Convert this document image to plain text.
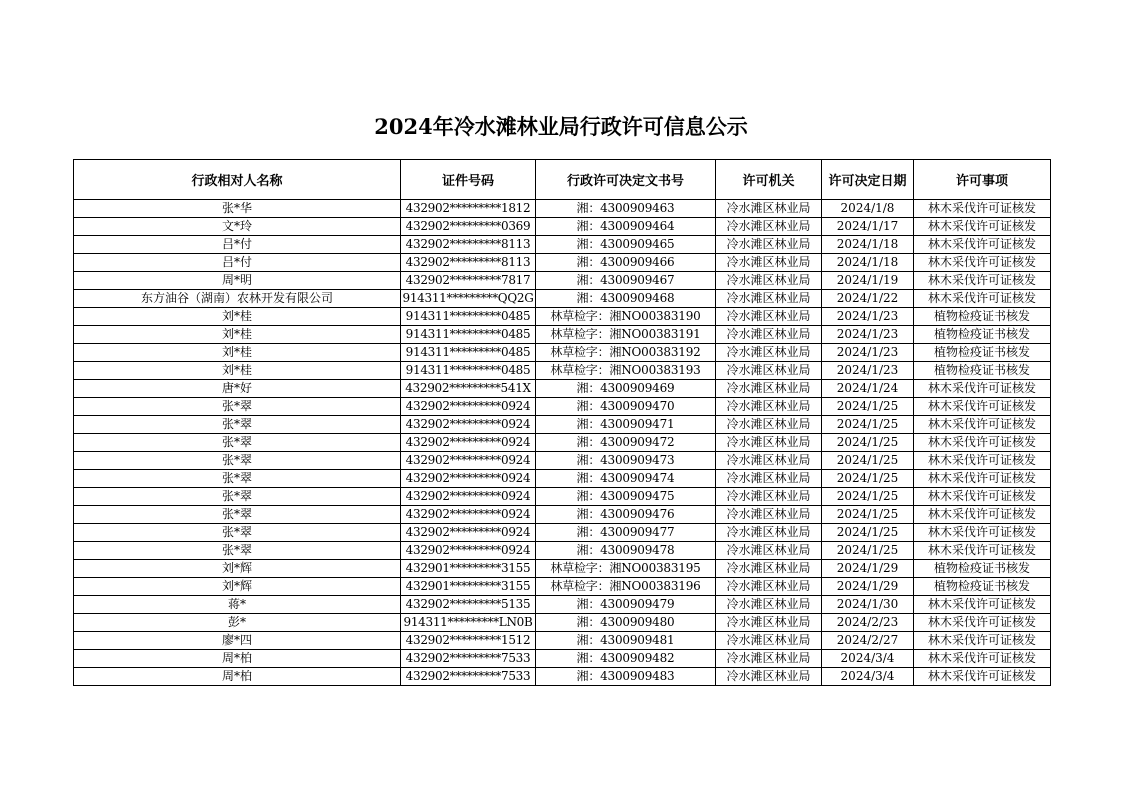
2024年冷水滩林业局行政许可信息公示
行政相对人名称	证件号码	行政许可决定文书号	许可机关	许可决定日期	许可事项
张*华	432902*********1812	湘：4300909463	冷水滩区林业局	2024/1/8	林木采伐许可证核发
文*玲	432902*********0369	湘：4300909464	冷水滩区林业局	2024/1/17	林木采伐许可证核发
吕*付	432902*********8113	湘：4300909465	冷水滩区林业局	2024/1/18	林木采伐许可证核发
吕*付	432902*********8113	湘：4300909466	冷水滩区林业局	2024/1/18	林木采伐许可证核发
周*明	432902*********7817	湘：4300909467	冷水滩区林业局	2024/1/19	林木采伐许可证核发
东方油谷（湖南）农林开发有限公司	914311*********QQ2G	湘：4300909468	冷水滩区林业局	2024/1/22	林木采伐许可证核发
刘*桂	914311*********0485	林草检字：湘NO00383190	冷水滩区林业局	2024/1/23	植物检疫证书核发
刘*桂	914311*********0485	林草检字：湘NO00383191	冷水滩区林业局	2024/1/23	植物检疫证书核发
刘*桂	914311*********0485	林草检字：湘NO00383192	冷水滩区林业局	2024/1/23	植物检疫证书核发
刘*桂	914311*********0485	林草检字：湘NO00383193	冷水滩区林业局	2024/1/23	植物检疫证书核发
唐*好	432902*********541X	湘：4300909469	冷水滩区林业局	2024/1/24	林木采伐许可证核发
张*翠	432902*********0924	湘：4300909470	冷水滩区林业局	2024/1/25	林木采伐许可证核发
张*翠	432902*********0924	湘：4300909471	冷水滩区林业局	2024/1/25	林木采伐许可证核发
张*翠	432902*********0924	湘：4300909472	冷水滩区林业局	2024/1/25	林木采伐许可证核发
张*翠	432902*********0924	湘：4300909473	冷水滩区林业局	2024/1/25	林木采伐许可证核发
张*翠	432902*********0924	湘：4300909474	冷水滩区林业局	2024/1/25	林木采伐许可证核发
张*翠	432902*********0924	湘：4300909475	冷水滩区林业局	2024/1/25	林木采伐许可证核发
张*翠	432902*********0924	湘：4300909476	冷水滩区林业局	2024/1/25	林木采伐许可证核发
张*翠	432902*********0924	湘：4300909477	冷水滩区林业局	2024/1/25	林木采伐许可证核发
张*翠	432902*********0924	湘：4300909478	冷水滩区林业局	2024/1/25	林木采伐许可证核发
刘*辉	432901*********3155	林草检字：湘NO00383195	冷水滩区林业局	2024/1/29	植物检疫证书核发
刘*辉	432901*********3155	林草检字：湘NO00383196	冷水滩区林业局	2024/1/29	植物检疫证书核发
蒋*	432902*********5135	湘：4300909479	冷水滩区林业局	2024/1/30	林木采伐许可证核发
彭*	914311*********LN0B	湘：4300909480	冷水滩区林业局	2024/2/23	林木采伐许可证核发
廖*四	432902*********1512	湘：4300909481	冷水滩区林业局	2024/2/27	林木采伐许可证核发
周*柏	432902*********7533	湘：4300909482	冷水滩区林业局	2024/3/4	林木采伐许可证核发
周*柏	432902*********7533	湘：4300909483	冷水滩区林业局	2024/3/4	林木采伐许可证核发
